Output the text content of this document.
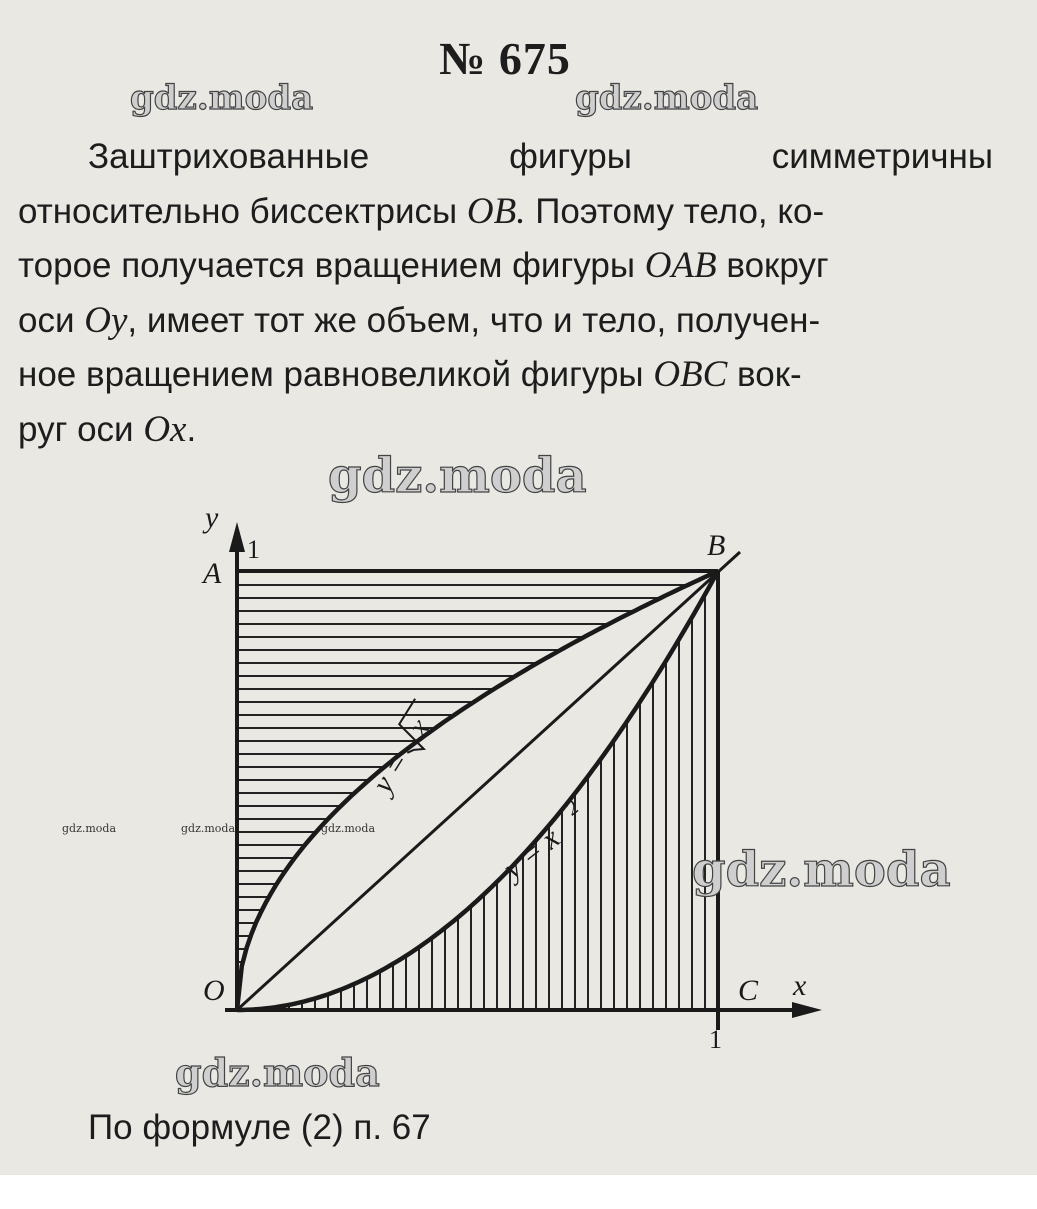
№ 675
gdz.moda	gdz.moda
Заштрихованные фигуры симметричны
относительно биссектрисы OB. Поэтому тело, ко-
торое получается вращением фигуры OAB вокруг
оси Oy, имеет тот же объем, что и тело, получен-
ное вращением равновеликой фигуры OBC вок-
руг оси Ox.
y
x
A
B
O	C
1
1
y =
x
y = x
2
gdz.moda
gdz.moda
gdz.moda
gdz.moda	gdz.moda	gdz.moda
По формуле (2) п. 67
